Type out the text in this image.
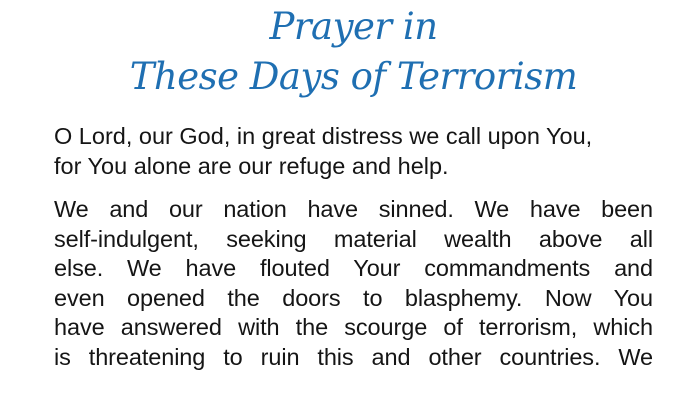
Prayer in
These Days of Terrorism

O Lord, our God, in great distress we call upon You,
for You alone are our refuge and help.

We and our nation have sinned. We have been
self-indulgent, seeking material wealth above all
else. We have flouted Your commandments and
even opened the doors to blasphemy. Now You
have answered with the scourge of terrorism, which
is threatening to ruin this and other countries. We
